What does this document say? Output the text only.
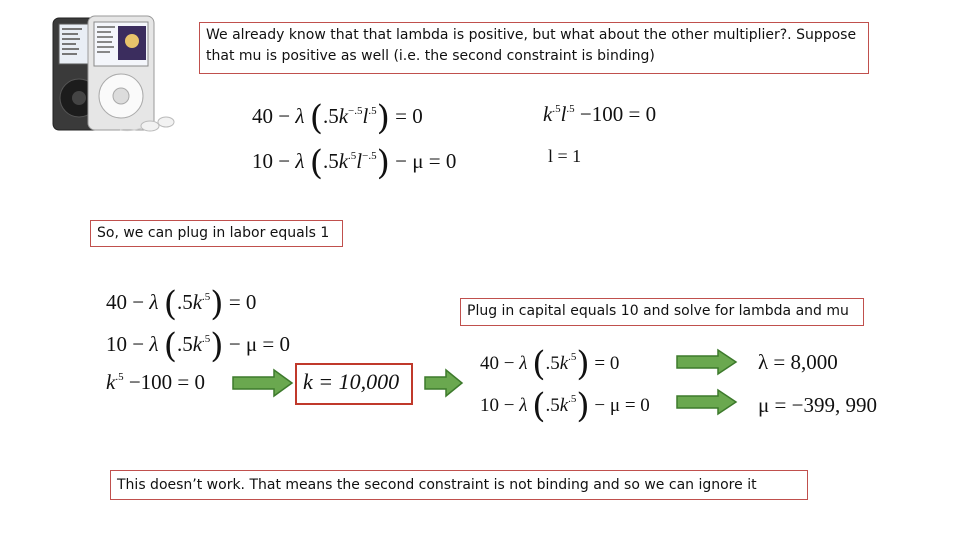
We already know that that lambda is positive, but what about the other multiplier?. Suppose that mu is positive as well (i.e. the second constraint is binding)
40 − λ $(.5k^{-.5}l^{.5}) = 0$
10 − λ $(.5k^{.5}l^{-.5}) - \mu = 0$
$k^{.5}l^{.5} -100 = 0$
l = 1
So, we can plug in labor equals 1
40 − λ $(.5k^{.5}) = 0$
10 − λ $(.5k^{.5}) - \mu = 0$
$k^{.5} -100 = 0$	k = 10,000
Plug in capital equals 10 and solve for lambda and mu
40 − λ $(.5k^{.5}) = 0$
10 − λ $(.5k^{.5}) - \mu = 0$
λ = 8,000
μ = −399, 990
This doesn’t work. That means the second constraint is not binding and so we can ignore it
